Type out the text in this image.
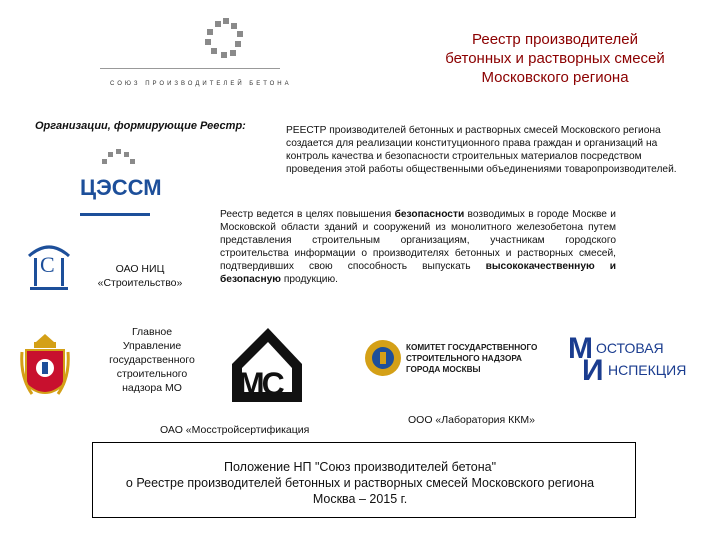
СОЮЗ ПРОИЗВОДИТЕЛЕЙ БЕТОНА
Реестр производителей
бетонных и растворных смесей
Московского региона
Организации, формирующие Реестр:	РЕЕСТР производителей бетонных и растворных смесей Московского региона создается для реализации конституционного права граждан и организаций на контроль качества и безопасности строительных материалов посредством проведения этой работы общественными объединениями товаропроизводителей.
ЦЭССМ
С	ОАО НИЦ
«Строительство»
Реестр ведется в целях повышения безопасности возводимых в городе Москве и Московской области зданий и сооружений из монолитного железобетона путем представления строительным организациям, участникам городского строительства информации о производителях бетонных и растворных смесей, подтвердивших свою способность выпускать высококачественную и безопасную продукцию.
Главное
Управление
государственного
строительного
надзора МО	МС
ОАО «Мосстройсертификация
КОМИТЕТ ГОСУДАРСТВЕННОГО
СТРОИТЕЛЬНОГО НАДЗОРА
ГОРОДА МОСКВЫ
ООО «Лаборатория ККМ»
М ОСТОВАЯ
И НСПЕКЦИЯ
Положение НП "Союз производителей бетона"
о Реестре производителей бетонных и растворных смесей Московского региона
Москва – 2015 г.
